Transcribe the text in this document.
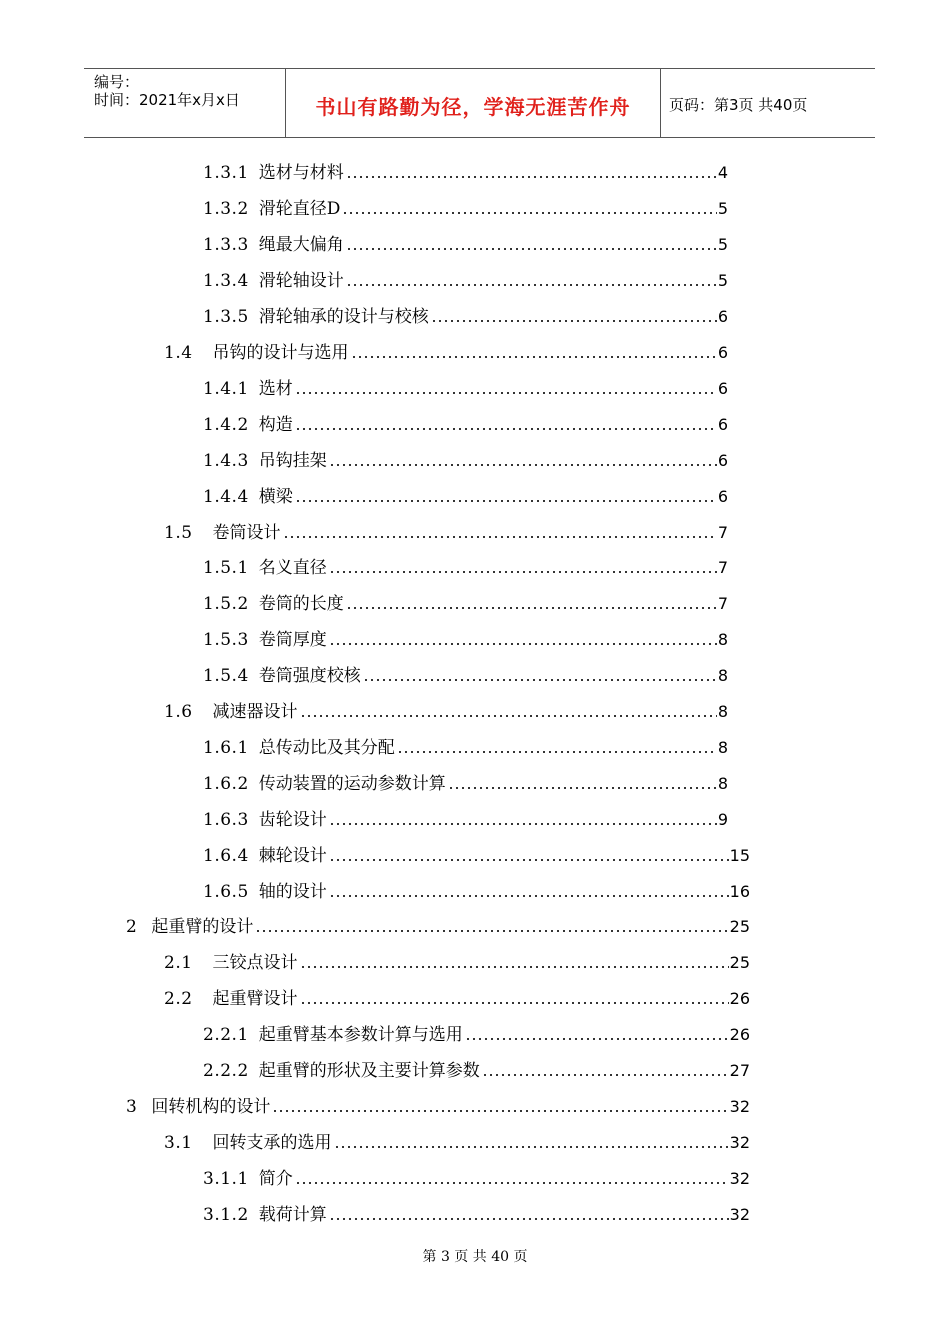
编号：
时间：2021年x月x日	书山有路勤为径，学海无涯苦作舟	页码：第3页 共40页
1.3.1 选材与材料	4
1.3.2 滑轮直径D	5
1.3.3 绳最大偏角	5
1.3.4 滑轮轴设计	5
1.3.5 滑轮轴承的设计与校核	6
1.4 吊钩的设计与选用	6
1.4.1 选材	6
1.4.2 构造	6
1.4.3 吊钩挂架	6
1.4.4 横梁	6
1.5 卷筒设计	7
1.5.1 名义直径	7
1.5.2 卷筒的长度	7
1.5.3 卷筒厚度	8
1.5.4 卷筒强度校核	8
1.6 减速器设计	8
1.6.1 总传动比及其分配	8
1.6.2 传动装置的运动参数计算	8
1.6.3 齿轮设计	9
1.6.4 棘轮设计	15
1.6.5 轴的设计	16
2 起重臂的设计	25
2.1 三铰点设计	25
2.2 起重臂设计	26
2.2.1 起重臂基本参数计算与选用	26
2.2.2 起重臂的形状及主要计算参数	27
3 回转机构的设计	32
3.1 回转支承的选用	32
3.1.1 简介	32
3.1.2 载荷计算	32
第 3 页 共 40 页
